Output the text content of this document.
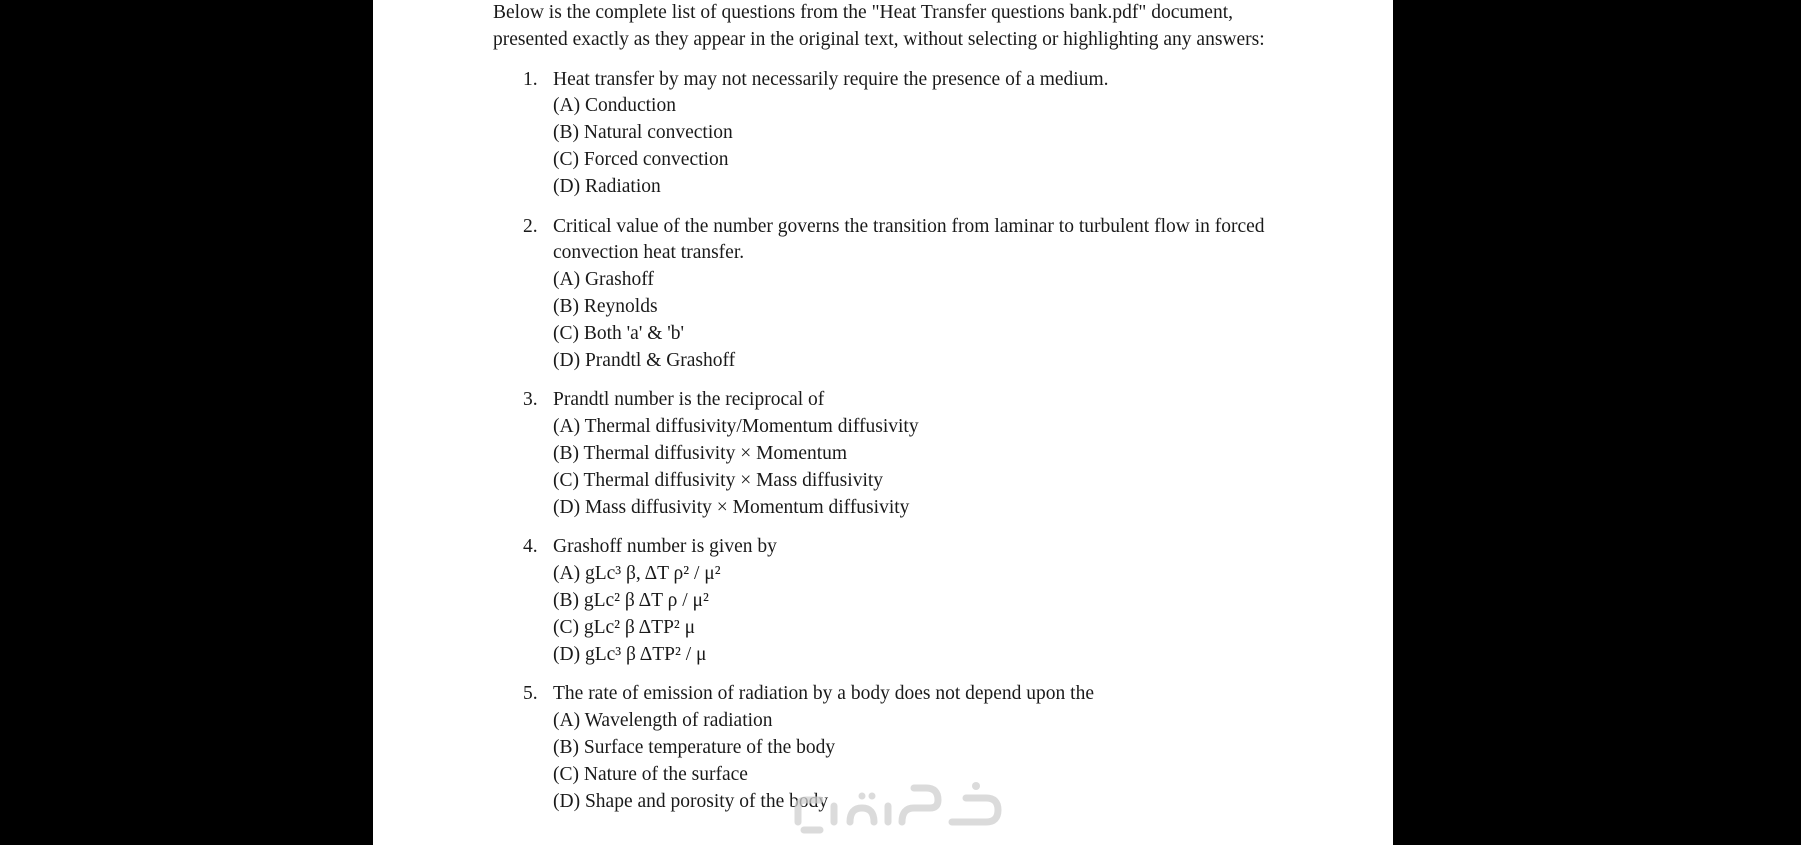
Below is the complete list of questions from the "Heat Transfer questions bank.pdf" document, presented exactly as they appear in the original text, without selecting or highlighting any answers:

1. Heat transfer by may not necessarily require the presence of a medium.
(A) Conduction
(B) Natural convection
(C) Forced convection
(D) Radiation
2. Critical value of the number governs the transition from laminar to turbulent flow in forced convection heat transfer.
(A) Grashoff
(B) Reynolds
(C) Both 'a' & 'b'
(D) Prandtl & Grashoff
3. Prandtl number is the reciprocal of
(A) Thermal diffusivity/Momentum diffusivity
(B) Thermal diffusivity × Momentum
(C) Thermal diffusivity × Mass diffusivity
(D) Mass diffusivity × Momentum diffusivity
4. Grashoff number is given by
(A) gLc³ β, ΔT ρ² / μ²
(B) gLc² β ΔT ρ / μ²
(C) gLc² β ΔTP² μ
(D) gLc³ β ΔTP² / μ
5. The rate of emission of radiation by a body does not depend upon the
(A) Wavelength of radiation
(B) Surface temperature of the body
(C) Nature of the surface
(D) Shape and porosity of the body
